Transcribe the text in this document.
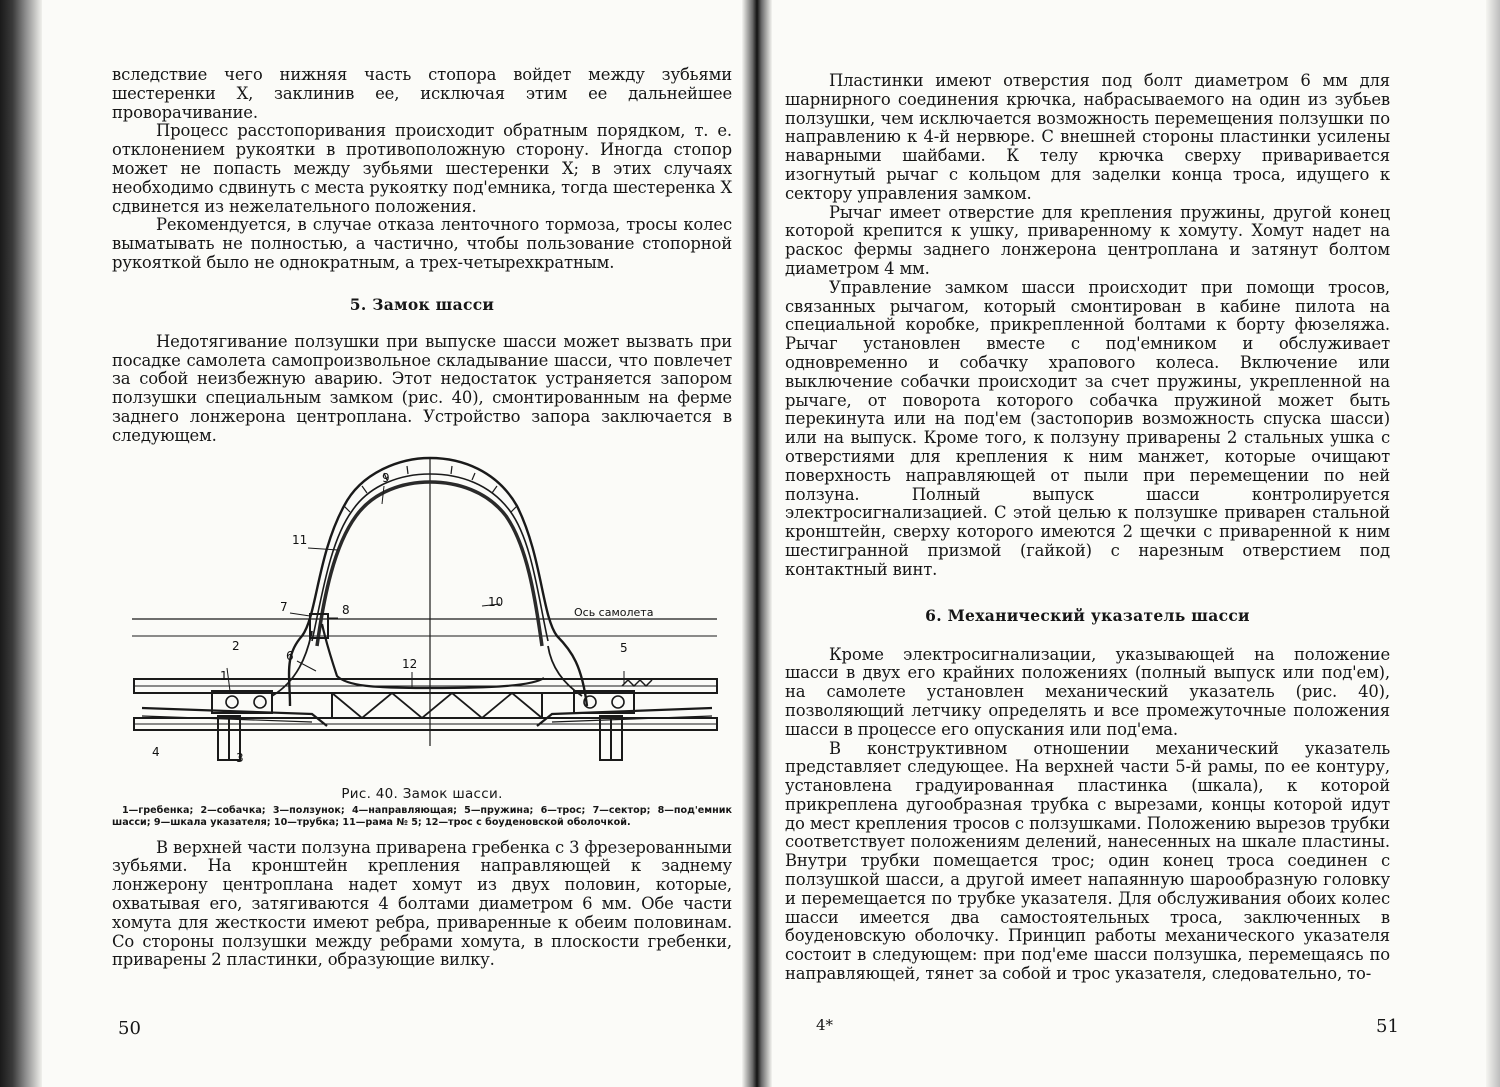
вследствие чего нижняя часть стопора войдет между зубьями шестеренки X, заклинив ее, исключая этим ее дальнейшее проворачивание.

Процесс расстопоривания происходит обратным порядком, т. е. отклонением рукоятки в противоположную сторону. Иногда стопор может не попасть между зубьями шестеренки X; в этих случаях необходимо сдвинуть с места рукоятку под'емника, тогда шестеренка X сдвинется из нежелательного положения.

Рекомендуется, в случае отказа ленточного тормоза, тросы колес выматывать не полностью, а частично, чтобы пользование стопорной рукояткой было не однократным, а трех-четырехкратным.

5. Замок шасси

Недотягивание ползушки при выпуске шасси может вызвать при посадке самолета самопроизвольное складывание шасси, что повлечет за собой неизбежную аварию. Этот недостаток устраняется запором ползушки специальным замком (рис. 40), смонтированным на ферме заднего лонжерона центроплана. Устройство запора заключается в следующем.

9
11
10
7	8
6
2
12
5
1
4	3
Ось самолета
Рис. 40. Замок шасси.
1—гребенка; 2—собачка; 3—ползунок; 4—направляющая; 5—пружина; 6—трос; 7—сектор; 8—под'емник шасси; 9—шкала указателя; 10—трубка; 11—рама № 5; 12—трос с боуденовской оболочкой.

В верхней части ползуна приварена гребенка с 3 фрезерованными зубьями. На кронштейн крепления направляющей к заднему лонжерону центроплана надет хомут из двух половин, которые, охватывая его, затягиваются 4 болтами диаметром 6 мм. Обе части хомута для жесткости имеют ребра, приваренные к обеим половинам. Со стороны ползушки между ребрами хомута, в плоскости гребенки, приварены 2 пластинки, образующие вилку.

50

Пластинки имеют отверстия под болт диаметром 6 мм для шарнирного соединения крючка, набрасываемого на один из зубьев ползушки, чем исключается возможность перемещения ползушки по направлению к 4-й нервюре. С внешней стороны пластинки усилены наварными шайбами. К телу крючка сверху приваривается изогнутый рычаг с кольцом для заделки конца троса, идущего к сектору управления замком.

Рычаг имеет отверстие для крепления пружины, другой конец которой крепится к ушку, приваренному к хомуту. Хомут надет на раскос фермы заднего лонжерона центроплана и затянут болтом диаметром 4 мм.

Управление замком шасси происходит при помощи тросов, связанных рычагом, который смонтирован в кабине пилота на специальной коробке, прикрепленной болтами к борту фюзеляжа. Рычаг установлен вместе с под'емником и обслуживает одновременно и собачку храпового колеса. Включение или выключение собачки происходит за счет пружины, укрепленной на рычаге, от поворота которого собачка пружиной может быть перекинута или на под'ем (застопорив возможность спуска шасси) или на выпуск. Кроме того, к ползуну приварены 2 стальных ушка с отверстиями для крепления к ним манжет, которые очищают поверхность направляющей от пыли при перемещении по ней ползуна. Полный выпуск шасси контролируется электросигнализацией. С этой целью к ползушке приварен стальной кронштейн, сверху которого имеются 2 щечки с приваренной к ним шестигранной призмой (гайкой) с нарезным отверстием под контактный винт.

6. Механический указатель шасси

Кроме электросигнализации, указывающей на положение шасси в двух его крайних положениях (полный выпуск или под'ем), на самолете установлен механический указатель (рис. 40), позволяющий летчику определять и все промежуточные положения шасси в процессе его опускания или под'ема.

В конструктивном отношении механический указатель представляет следующее. На верхней части 5-й рамы, по ее контуру, установлена градуированная пластинка (шкала), к которой прикреплена дугообразная трубка с вырезами, концы которой идут до мест крепления тросов с ползушками. Положению вырезов трубки соответствует положениям делений, нанесенных на шкале пластины. Внутри трубки помещается трос; один конец троса соединен с ползушкой шасси, а другой имеет напаянную шарообразную головку и перемещается по трубке указателя. Для обслуживания обоих колес шасси имеется два самостоятельных троса, заключенных в боуденовскую оболочку. Принцип работы механического указателя состоит в следующем: при под'еме шасси ползушка, перемещаясь по направляющей, тянет за собой и трос указателя, следовательно, то-

4*	51
